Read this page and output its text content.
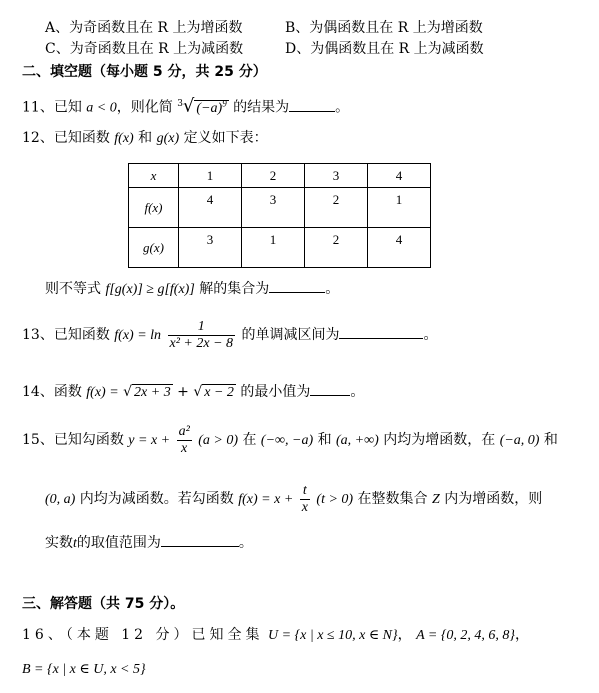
A、为奇函数且在 R 上为增函数	B、为偶函数且在 R 上为增函数
C、为奇函数且在 R 上为减函数	D、为偶函数且在 R 上为减函数
二、填空题（每小题 5 分，共 25 分）
11、已知 a < 0，则化简 $^3$√ $(-a)^9$ 的结果为	。
12、已知函数 f(x) 和 g(x) 定义如下表：
x	1	2	3	4
f(x)	4	3	2	1
g(x)	3	1	2	4
则不等式 f[g(x)] ≥ g[f(x)] 解的集合为	。
13、已知函数 $f(x) = \ln \frac{1}{\text{x² + 2x − 8}}$ 的单调减区间为	。
14、函数 f(x) = √ 2x + 3 + √ x − 2 的最小值为	。
15、已知勾函数 $y = x + \frac{\text{a²}}{x} (a > 0)$ 在 (−∞, −a) 和 (a, +∞) 内均为增函数，在 (−a, 0) 和
(0, a) 内均为减函数。若勾函数 $f(x) = x + \frac{t}{x} (t > 0)$ 在整数集合 Z 内为增函数，则
实数t的取值范围为	。
三、解答题（共 75 分）。
16、（本题 12 分）已知全集 U = {x | x ≤ 10, x ∈ N}， A = {0, 2, 4, 6, 8}，
B = {x | x ∈ U, x < 5}
